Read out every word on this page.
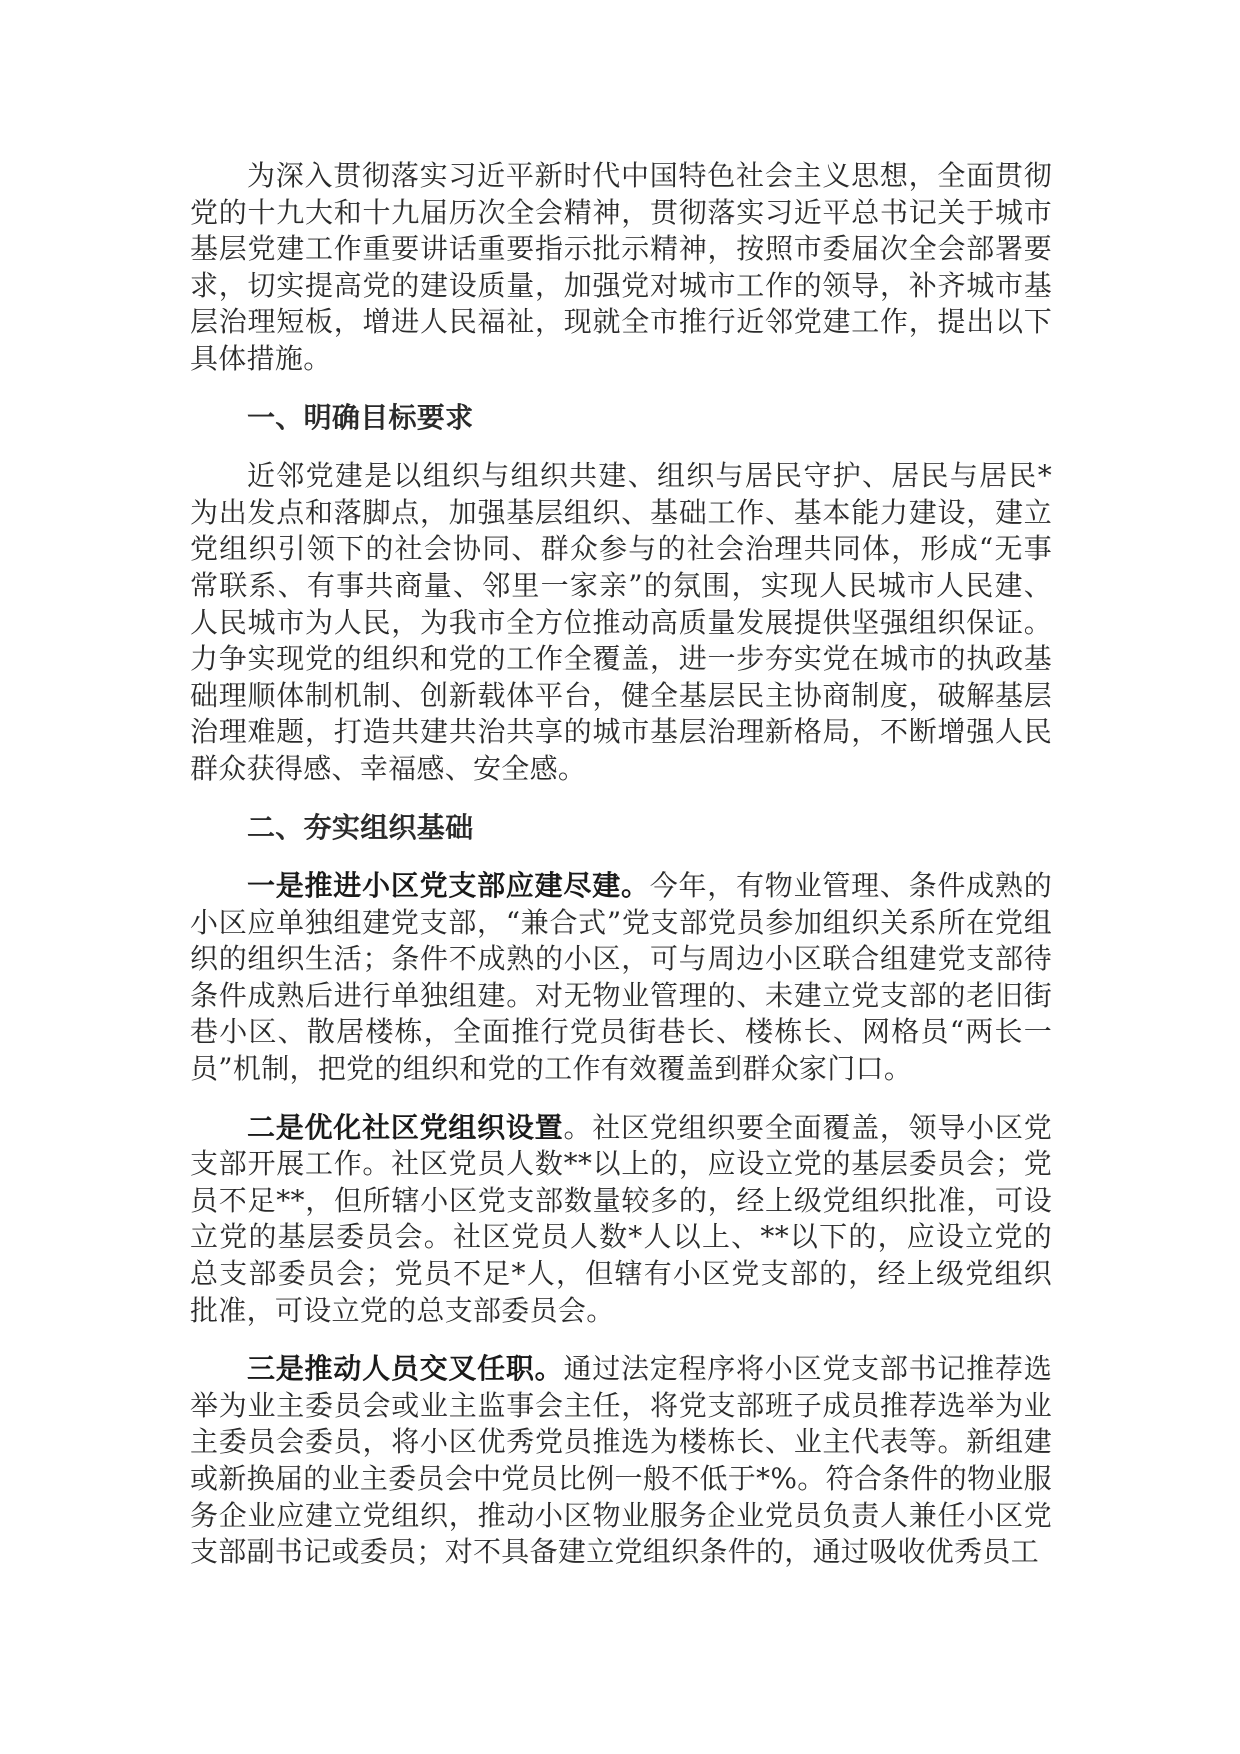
为深入贯彻落实习近平新时代中国特色社会主义思想，全面贯彻党的十九大和十九届历次全会精神，贯彻落实习近平总书记关于城市基层党建工作重要讲话重要指示批示精神，按照市委届次全会部署要求，切实提高党的建设质量，加强党对城市工作的领导，补齐城市基层治理短板，增进人民福祉，现就全市推行近邻党建工作，提出以下具体措施。

一、明确目标要求

近邻党建是以组织与组织共建、组织与居民守护、居民与居民*为出发点和落脚点，加强基层组织、基础工作、基本能力建设，建立党组织引领下的社会协同、群众参与的社会治理共同体，形成“无事常联系、有事共商量、邻里一家亲”的氛围，实现人民城市人民建、人民城市为人民，为我市全方位推动高质量发展提供坚强组织保证。力争实现党的组织和党的工作全覆盖，进一步夯实党在城市的执政基础理顺体制机制、创新载体平台，健全基层民主协商制度，破解基层治理难题，打造共建共治共享的城市基层治理新格局，不断增强人民群众获得感、幸福感、安全感。

二、夯实组织基础

一是推进小区党支部应建尽建。今年，有物业管理、条件成熟的小区应单独组建党支部，“兼合式”党支部党员参加组织关系所在党组织的组织生活；条件不成熟的小区，可与周边小区联合组建党支部待条件成熟后进行单独组建。对无物业管理的、未建立党支部的老旧街巷小区、散居楼栋，全面推行党员街巷长、楼栋长、网格员“两长一员”机制，把党的组织和党的工作有效覆盖到群众家门口。

二是优化社区党组织设置。社区党组织要全面覆盖，领导小区党支部开展工作。社区党员人数**以上的，应设立党的基层委员会；党员不足**，但所辖小区党支部数量较多的，经上级党组织批准，可设立党的基层委员会。社区党员人数*人以上、**以下的，应设立党的总支部委员会；党员不足*人，但辖有小区党支部的，经上级党组织批准，可设立党的总支部委员会。

三是推动人员交叉任职。通过法定程序将小区党支部书记推荐选举为业主委员会或业主监事会主任，将党支部班子成员推荐选举为业主委员会委员，将小区优秀党员推选为楼栋长、业主代表等。新组建或新换届的业主委员会中党员比例一般不低于*%。符合条件的物业服务企业应建立党组织，推动小区物业服务企业党员负责人兼任小区党支部副书记或委员；对不具备建立党组织条件的，通过吸收优秀员工
